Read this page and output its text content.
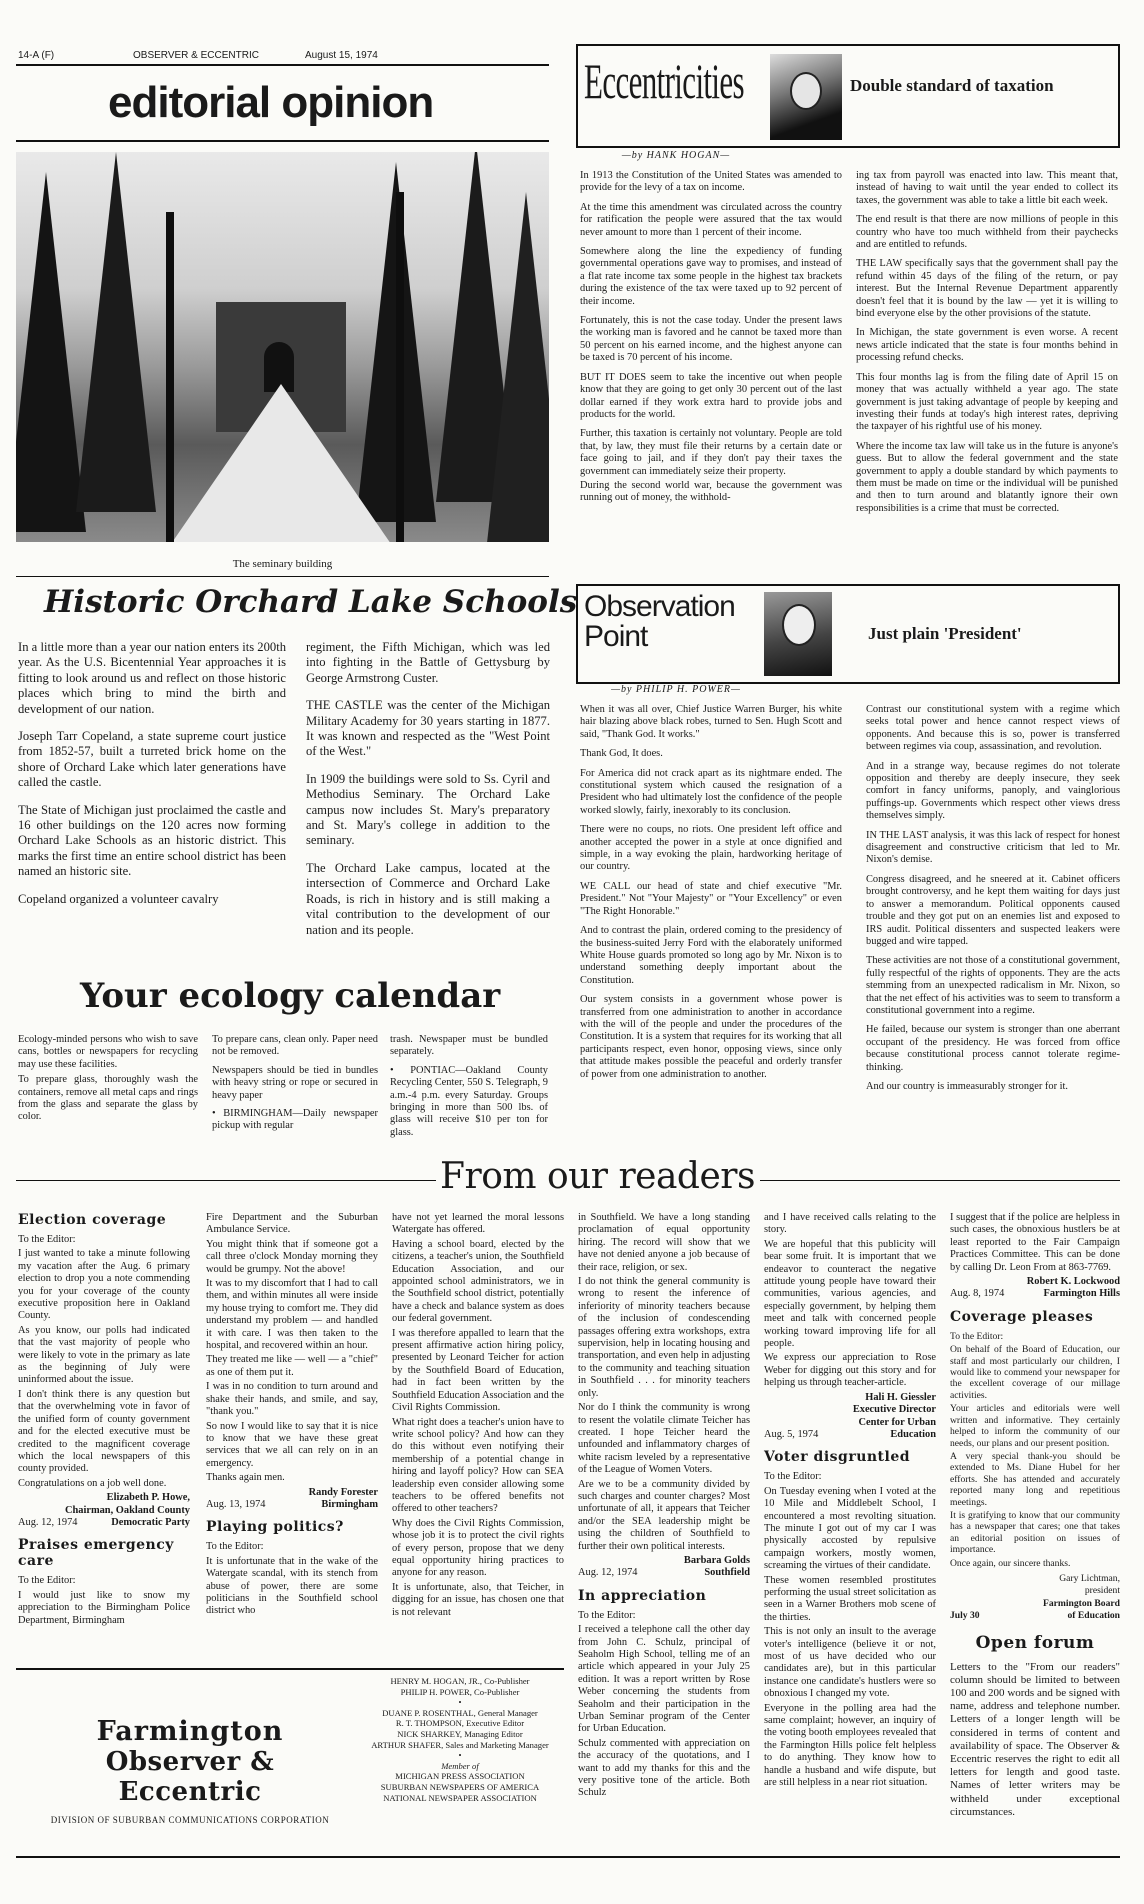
14-A (F)	OBSERVER & ECCENTRIC	August 15, 1974
editorial opinion
The seminary building
Historic Orchard Lake Schools

In a little more than a year our nation enters its 200th year. As the U.S. Bicentennial Year approaches it is fitting to look around us and reflect on those historic places which bring to mind the birth and development of our nation.

Joseph Tarr Copeland, a state supreme court justice from 1852-57, built a turreted brick home on the shore of Orchard Lake which later generations have called the castle.

The State of Michigan just proclaimed the castle and 16 other buildings on the 120 acres now forming Orchard Lake Schools as an historic district. This marks the first time an entire school district has been named an historic site.

Copeland organized a volunteer cavalry

regiment, the Fifth Michigan, which was led into fighting in the Battle of Gettysburg by George Armstrong Custer.

THE CASTLE was the center of the Michigan Military Academy for 30 years starting in 1877. It was known and respected as the "West Point of the West."

In 1909 the buildings were sold to Ss. Cyril and Methodius Seminary. The Orchard Lake campus now includes St. Mary's preparatory and St. Mary's college in addition to the seminary.

The Orchard Lake campus, located at the intersection of Commerce and Orchard Lake Roads, is rich in history and is still making a vital contribution to the development of our nation and its people.

Your ecology calendar

Ecology-minded persons who wish to save cans, bottles or newspapers for recycling may use these facilities.

To prepare glass, thoroughly wash the containers, remove all metal caps and rings from the glass and separate the glass by color.

To prepare cans, clean only. Paper need not be removed.

Newspapers should be tied in bundles with heavy string or rope or secured in heavy paper

• BIRMINGHAM—Daily newspaper pickup with regular

trash. Newspaper must be bundled separately.

• PONTIAC—Oakland County Recycling Center, 550 S. Telegraph, 9 a.m.-4 p.m. every Saturday. Groups bringing in more than 500 lbs. of glass will receive $10 per ton for glass.

Eccentricities	Double standard of taxation
—by HANK HOGAN—

In 1913 the Constitution of the United States was amended to provide for the levy of a tax on income.

At the time this amendment was circulated across the country for ratification the people were assured that the tax would never amount to more than 1 percent of their income.

Somewhere along the line the expediency of funding governmental operations gave way to promises, and instead of a flat rate income tax some people in the highest tax brackets during the existence of the tax were taxed up to 92 percent of their income.

Fortunately, this is not the case today. Under the present laws the working man is favored and he cannot be taxed more than 50 percent on his earned income, and the highest anyone can be taxed is 70 percent of his income.

BUT IT DOES seem to take the incentive out when people know that they are going to get only 30 percent out of the last dollar earned if they work extra hard to provide jobs and products for the world.

Further, this taxation is certainly not voluntary. People are told that, by law, they must file their returns by a certain date or face going to jail, and if they don't pay their taxes the government can immediately seize their property.

During the second world war, because the government was running out of money, the withhold-

ing tax from payroll was enacted into law. This meant that, instead of having to wait until the year ended to collect its taxes, the government was able to take a little bit each week.

The end result is that there are now millions of people in this country who have too much withheld from their paychecks and are entitled to refunds.

THE LAW specifically says that the government shall pay the refund within 45 days of the filing of the return, or pay interest. But the Internal Revenue Department apparently doesn't feel that it is bound by the law — yet it is willing to bind everyone else by the other provisions of the statute.

In Michigan, the state government is even worse. A recent news article indicated that the state is four months behind in processing refund checks.

This four months lag is from the filing date of April 15 on money that was actually withheld a year ago. The state government is just taking advantage of people by keeping and investing their funds at today's high interest rates, depriving the taxpayer of his rightful use of his money.

Where the income tax law will take us in the future is anyone's guess. But to allow the federal government and the state government to apply a double standard by which payments to them must be made on time or the individual will be punished and then to turn around and blatantly ignore their own responsibilities is a crime that must be corrected.

Observation
Point	Just plain 'President'
—by PHILIP H. POWER—

When it was all over, Chief Justice Warren Burger, his white hair blazing above black robes, turned to Sen. Hugh Scott and said, "Thank God. It works."

Thank God, It does.

For America did not crack apart as its nightmare ended. The constitutional system which caused the resignation of a President who had ultimately lost the confidence of the people worked slowly, fairly, inexorably to its conclusion.

There were no coups, no riots. One president left office and another accepted the power in a style at once dignified and simple, in a way evoking the plain, hardworking heritage of our country.

WE CALL our head of state and chief executive "Mr. President." Not "Your Majesty" or "Your Excellency" or even "The Right Honorable."

And to contrast the plain, ordered coming to the presidency of the business-suited Jerry Ford with the elaborately uniformed White House guards promoted so long ago by Mr. Nixon is to understand something deeply important about the Constitution.

Our system consists in a government whose power is transferred from one administration to another in accordance with the will of the people and under the procedures of the Constitution. It is a system that requires for its working that all participants respect, even honor, opposing views, since only that attitude makes possible the peaceful and orderly transfer of power from one administration to another.

Contrast our constitutional system with a regime which seeks total power and hence cannot respect views of opponents. And because this is so, power is transferred between regimes via coup, assassination, and revolution.

And in a strange way, because regimes do not tolerate opposition and thereby are deeply insecure, they seek comfort in fancy uniforms, panoply, and vainglorious puffings-up. Governments which respect other views dress themselves simply.

IN THE LAST analysis, it was this lack of respect for honest disagreement and constructive criticism that led to Mr. Nixon's demise.

Congress disagreed, and he sneered at it. Cabinet officers brought controversy, and he kept them waiting for days just to answer a memorandum. Political opponents caused trouble and they got put on an enemies list and exposed to IRS audit. Political dissenters and suspected leakers were bugged and wire tapped.

These activities are not those of a constitutional government, fully respectful of the rights of opponents. They are the acts stemming from an unexpected radicalism in Mr. Nixon, so that the net effect of his activities was to seem to transform a constitutional government into a regime.

He failed, because our system is stronger than one aberrant occupant of the presidency. He was forced from office because constitutional process cannot tolerate regime-thinking.

And our country is immeasurably stronger for it.

From our readers
Election coverage

To the Editor:

I just wanted to take a minute following my vacation after the Aug. 6 primary election to drop you a note commending you for your coverage of the county executive proposition here in Oakland County.

As you know, our polls had indicated that the vast majority of people who were likely to vote in the primary as late as the beginning of July were uninformed about the issue.

I don't think there is any question but that the overwhelming vote in favor of the unified form of county government and for the elected executive must be credited to the magnificent coverage which the local newspapers of this county provided.

Congratulations on a job well done.

Elizabeth P. Howe,

Chairman, Oakland County

Aug. 12, 1974	Democratic Party
Praises emergency care

To the Editor:

I would just like to snow my appreciation to the Birmingham Police Department, Birmingham

Fire Department and the Suburban Ambulance Service.

You might think that if someone got a call three o'clock Monday morning they would be grumpy. Not the above!

It was to my discomfort that I had to call them, and within minutes all were inside my house trying to comfort me. They did understand my problem — and handled it with care. I was then taken to the hospital, and recovered within an hour.

They treated me like — well — a "chief" as one of them put it.

I was in no condition to turn around and shake their hands, and smile, and say, "thank you."

So now I would like to say that it is nice to know that we have these great services that we all can rely on in an emergency.

Thanks again men.

Randy Forester

Aug. 13, 1974	Birmingham
Playing politics?

To the Editor:

It is unfortunate that in the wake of the Watergate scandal, with its stench from abuse of power, there are some politicians in the Southfield school district who

have not yet learned the moral lessons Watergate has offered.

Having a school board, elected by the citizens, a teacher's union, the Southfield Education Association, and our appointed school administrators, we in the Southfield school district, potentially have a check and balance system as does our federal government.

I was therefore appalled to learn that the present affirmative action hiring policy, presented by Leonard Teicher for action by the Southfield Board of Education, had in fact been written by the Southfield Education Association and the Civil Rights Commission.

What right does a teacher's union have to write school policy? And how can they do this without even notifying their membership of a potential change in hiring and layoff policy? How can SEA leadership even consider allowing some teachers to be offered benefits not offered to other teachers?

Why does the Civil Rights Commission, whose job it is to protect the civil rights of every person, propose that we deny equal opportunity hiring practices to anyone for any reason.

It is unfortunate, also, that Teicher, in digging for an issue, has chosen one that is not relevant

in Southfield. We have a long standing proclamation of equal opportunity hiring. The record will show that we have not denied anyone a job because of their race, religion, or sex.

I do not think the general community is wrong to resent the inference of inferiority of minority teachers because of the inclusion of condescending passages offering extra workshops, extra supervision, help in locating housing and transportation, and even help in adjusting to the community and teaching situation in Southfield . . . for minority teachers only.

Nor do I think the community is wrong to resent the volatile climate Teicher has created. I hope Teicher heard the unfounded and inflammatory charges of white racism leveled by a representative of the League of Women Voters.

Are we to be a community divided by such charges and counter charges? Most unfortunate of all, it appears that Teicher and/or the SEA leadership might be using the children of Southfield to further their own political interests.

Barbara Golds

Aug. 12, 1974	Southfield
In appreciation

To the Editor:

I received a telephone call the other day from John C. Schulz, principal of Seaholm High School, telling me of an article which appeared in your July 25 edition. It was a report written by Rose Weber concerning the students from Seaholm and their participation in the Urban Seminar program of the Center for Urban Education.

Schulz commented with appreciation on the accuracy of the quotations, and I want to add my thanks for this and the very positive tone of the article. Both Schulz

and I have received calls relating to the story.

We are hopeful that this publicity will bear some fruit. It is important that we endeavor to counteract the negative attitude young people have toward their communities, various agencies, and especially government, by helping them meet and talk with concerned people working toward improving life for all people.

We express our appreciation to Rose Weber for digging out this story and for helping us through teacher-article.

Hali H. Giessler

Executive Director

Center for Urban

Aug. 5, 1974	Education
Voter disgruntled

To the Editor:

On Tuesday evening when I voted at the 10 Mile and Middlebelt School, I encountered a most revolting situation. The minute I got out of my car I was physically accosted by repulsive campaign workers, mostly women, screaming the virtues of their candidate.

These women resembled prostitutes performing the usual street solicitation as seen in a Warner Brothers mob scene of the thirties.

This is not only an insult to the average voter's intelligence (believe it or not, most of us have decided who our candidates are), but in this particular instance one candidate's hustlers were so obnoxious I changed my vote.

Everyone in the polling area had the same complaint; however, an inquiry of the voting booth employees revealed that the Farmington Hills police felt helpless to do anything. They know how to handle a husband and wife dispute, but are still helpless in a near riot situation.

I suggest that if the police are helpless in such cases, the obnoxious hustlers be at least reported to the Fair Campaign Practices Committee. This can be done by calling Dr. Leon From at 863-7769.

Robert K. Lockwood

Aug. 8, 1974	Farmington Hills
Coverage pleases

To the Editor:

On behalf of the Board of Education, our staff and most particularly our children, I would like to commend your newspaper for the excellent coverage of our millage activities.

Your articles and editorials were well written and informative. They certainly helped to inform the community of our needs, our plans and our present position.

A very special thank-you should be extended to Ms. Diane Hubel for her efforts. She has attended and accurately reported many long and repetitious meetings.

It is gratifying to know that our community has a newspaper that cares; one that takes an editorial position on issues of importance.

Once again, our sincere thanks.

Gary Lichtman,

president

Farmington Board

July 30	of Education
Open forum

Letters to the "From our readers" column should be limited to between 100 and 200 words and be signed with name, address and telephone number. Letters of a longer length will be considered in terms of content and availability of space. The Observer & Eccentric reserves the right to edit all letters for length and good taste. Names of letter writers may be withheld under exceptional circumstances.

Farmington
Observer & Eccentric
DIVISION OF SUBURBAN COMMUNICATIONS CORPORATION
HENRY M. HOGAN, JR., Co-Publisher
PHILIP H. POWER, Co-Publisher
•
DUANE P. ROSENTHAL, General Manager
R. T. THOMPSON, Executive Editor
NICK SHARKEY, Managing Editor
ARTHUR SHAFER, Sales and Marketing Manager
•
Member of
MICHIGAN PRESS ASSOCIATION
SUBURBAN NEWSPAPERS OF AMERICA
NATIONAL NEWSPAPER ASSOCIATION
